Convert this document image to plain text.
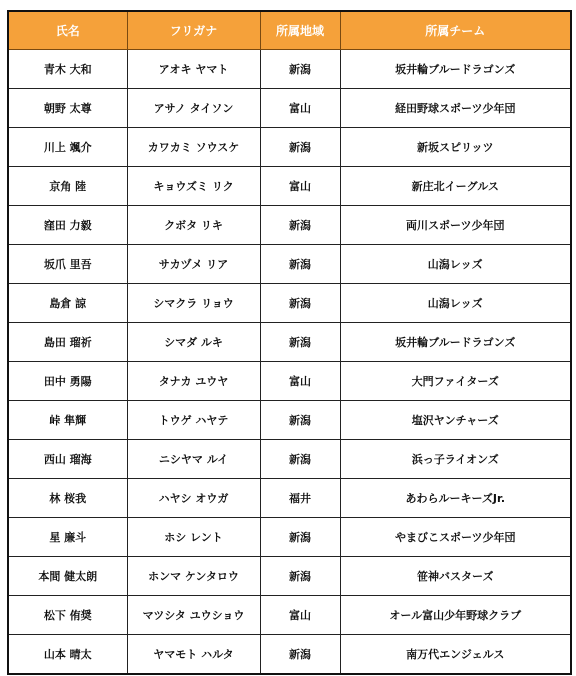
氏名	フリガナ	所属地域	所属チーム
青木 大和	アオキ ヤマト	新潟	坂井輪ブルードラゴンズ
朝野 太尊	アサノ タイソン	富山	経田野球スポーツ少年団
川上 颯介	カワカミ ソウスケ	新潟	新坂スピリッツ
京角 陸	キョウズミ リク	富山	新庄北イーグルス
窪田 力毅	クボタ リキ	新潟	両川スポーツ少年団
坂爪 里吾	サカヅメ リア	新潟	山潟レッズ
島倉 諒	シマクラ リョウ	新潟	山潟レッズ
島田 瑠祈	シマダ ルキ	新潟	坂井輪ブルードラゴンズ
田中 勇陽	タナカ ユウヤ	富山	大門ファイターズ
峠 隼輝	トウゲ ハヤテ	新潟	塩沢ヤンチャーズ
西山 瑠海	ニシヤマ ルイ	新潟	浜っ子ライオンズ
林 桜我	ハヤシ オウガ	福井	あわらルーキーズJr.
星 廉斗	ホシ レント	新潟	やまびこスポーツ少年団
本間 健太朗	ホンマ ケンタロウ	新潟	笹神バスターズ
松下 侑奨	マツシタ ユウショウ	富山	オール富山少年野球クラブ
山本 晴太	ヤマモト ハルタ	新潟	南万代エンジェルス
